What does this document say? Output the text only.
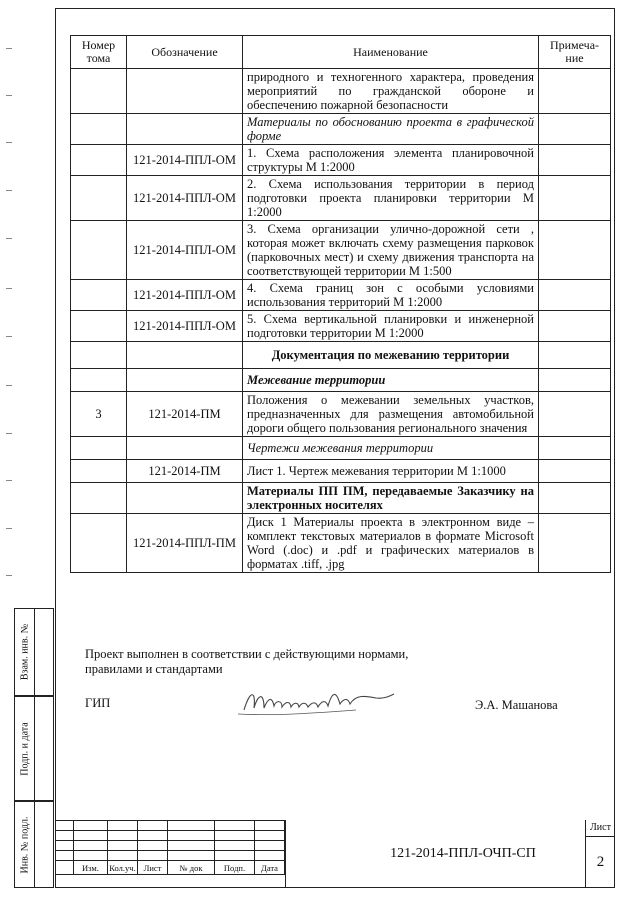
Номер тома	Обозначение	Наименование	Примеча-ние
		природного и техногенного характера, проведения мероприятий по гражданской обороне и обеспечению пожарной безопасности	
		Материалы по обоснованию проекта в графической форме	
	121-2014-ППЛ-ОМ	1. Схема расположения элемента планировочной структуры М 1:2000	
	121-2014-ППЛ-ОМ	2. Схема использования территории в период подготовки проекта планировки территории М 1:2000	
	121-2014-ППЛ-ОМ	3. Схема организации улично-дорожной сети , которая может включать схему размещения парковок (парковочных мест) и схему движения транспорта на соответствующей территории М 1:500	
	121-2014-ППЛ-ОМ	4. Схема границ зон с особыми условиями использования территорий М 1:2000	
	121-2014-ППЛ-ОМ	5. Схема вертикальной планировки и инженерной подготовки территории М 1:2000	
		Документация по межеванию территории	
		Межевание территории	
3	121-2014-ПМ	Положения о межевании земельных участков, предназначенных для размещения автомобильной дороги общего пользования регионального значения	
		Чертежи межевания территории	
	121-2014-ПМ	Лист 1. Чертеж межевания территории М 1:1000	
		Материалы ПП ПМ, передаваемые Заказчику на электронных носителях	
	121-2014-ППЛ-ПМ	Диск 1 Материалы проекта в электронном виде – комплект текстовых материалов в формате Microsoft Word (.doc) и .pdf и графических материалов в форматах .tiff, .jpg	
Проект выполнен в соответствии с действующими нормами, правилами и стандартами
ГИП	Э.А. Машанова
Взам. инв. №
Подп. и дата
Инв. № подл.

		Изм.	Кол.уч.	Лист	№ док	Подп.	Дата
121-2014-ППЛ-ОЧП-СП
Лист
2
